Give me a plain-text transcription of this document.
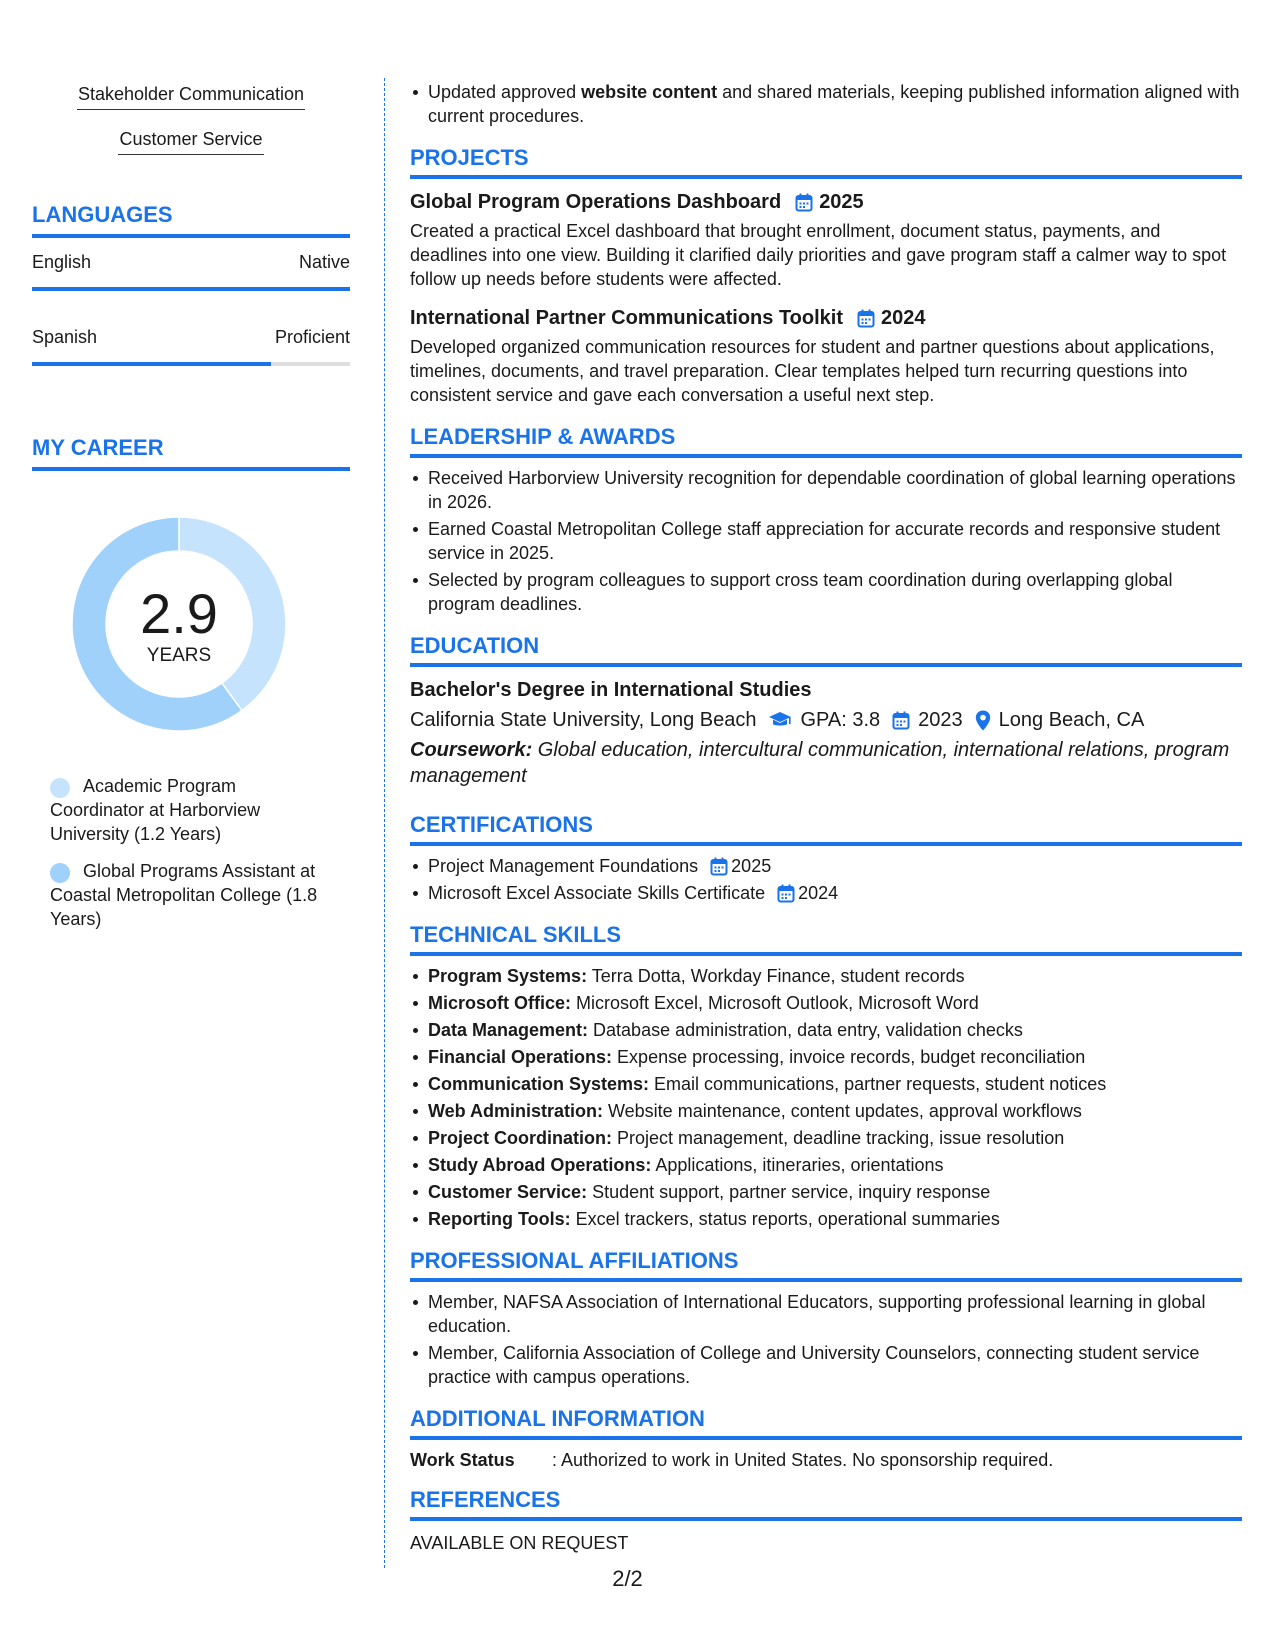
Stakeholder Communication
Customer Service
LANGUAGES
English	Native
Spanish	Proficient
MY CAREER
2.9
YEARS
Academic Program Coordinator at Harborview University (1.2 Years)
Global Programs Assistant at Coastal Metropolitan College (1.8 Years)
Updated approved website content and shared materials, keeping published information aligned with current procedures.
PROJECTS
Global Program Operations Dashboard 2025
Created a practical Excel dashboard that brought enrollment, document status, payments, and deadlines into one view. Building it clarified daily priorities and gave program staff a calmer way to spot follow up needs before students were affected.
International Partner Communications Toolkit 2024
Developed organized communication resources for student and partner questions about applications, timelines, documents, and travel preparation. Clear templates helped turn recurring questions into consistent service and gave each conversation a useful next step.
LEADERSHIP & AWARDS
Received Harborview University recognition for dependable coordination of global learning operations in 2026.
Earned Coastal Metropolitan College staff appreciation for accurate records and responsive student service in 2025.
Selected by program colleagues to support cross team coordination during overlapping global program deadlines.
EDUCATION
Bachelor's Degree in International Studies
California State University, Long Beach GPA: 3.8 2023 Long Beach, CA
Coursework: Global education, intercultural communication, international relations, program management
CERTIFICATIONS
Project Management Foundations 2025
Microsoft Excel Associate Skills Certificate 2024
TECHNICAL SKILLS
Program Systems: Terra Dotta, Workday Finance, student records
Microsoft Office: Microsoft Excel, Microsoft Outlook, Microsoft Word
Data Management: Database administration, data entry, validation checks
Financial Operations: Expense processing, invoice records, budget reconciliation
Communication Systems: Email communications, partner requests, student notices
Web Administration: Website maintenance, content updates, approval workflows
Project Coordination: Project management, deadline tracking, issue resolution
Study Abroad Operations: Applications, itineraries, orientations
Customer Service: Student support, partner service, inquiry response
Reporting Tools: Excel trackers, status reports, operational summaries
PROFESSIONAL AFFILIATIONS
Member, NAFSA Association of International Educators, supporting professional learning in global education.
Member, California Association of College and University Counselors, connecting student service practice with campus operations.
ADDITIONAL INFORMATION
Work Status	: Authorized to work in United States. No sponsorship required.
REFERENCES
AVAILABLE ON REQUEST
2/2
